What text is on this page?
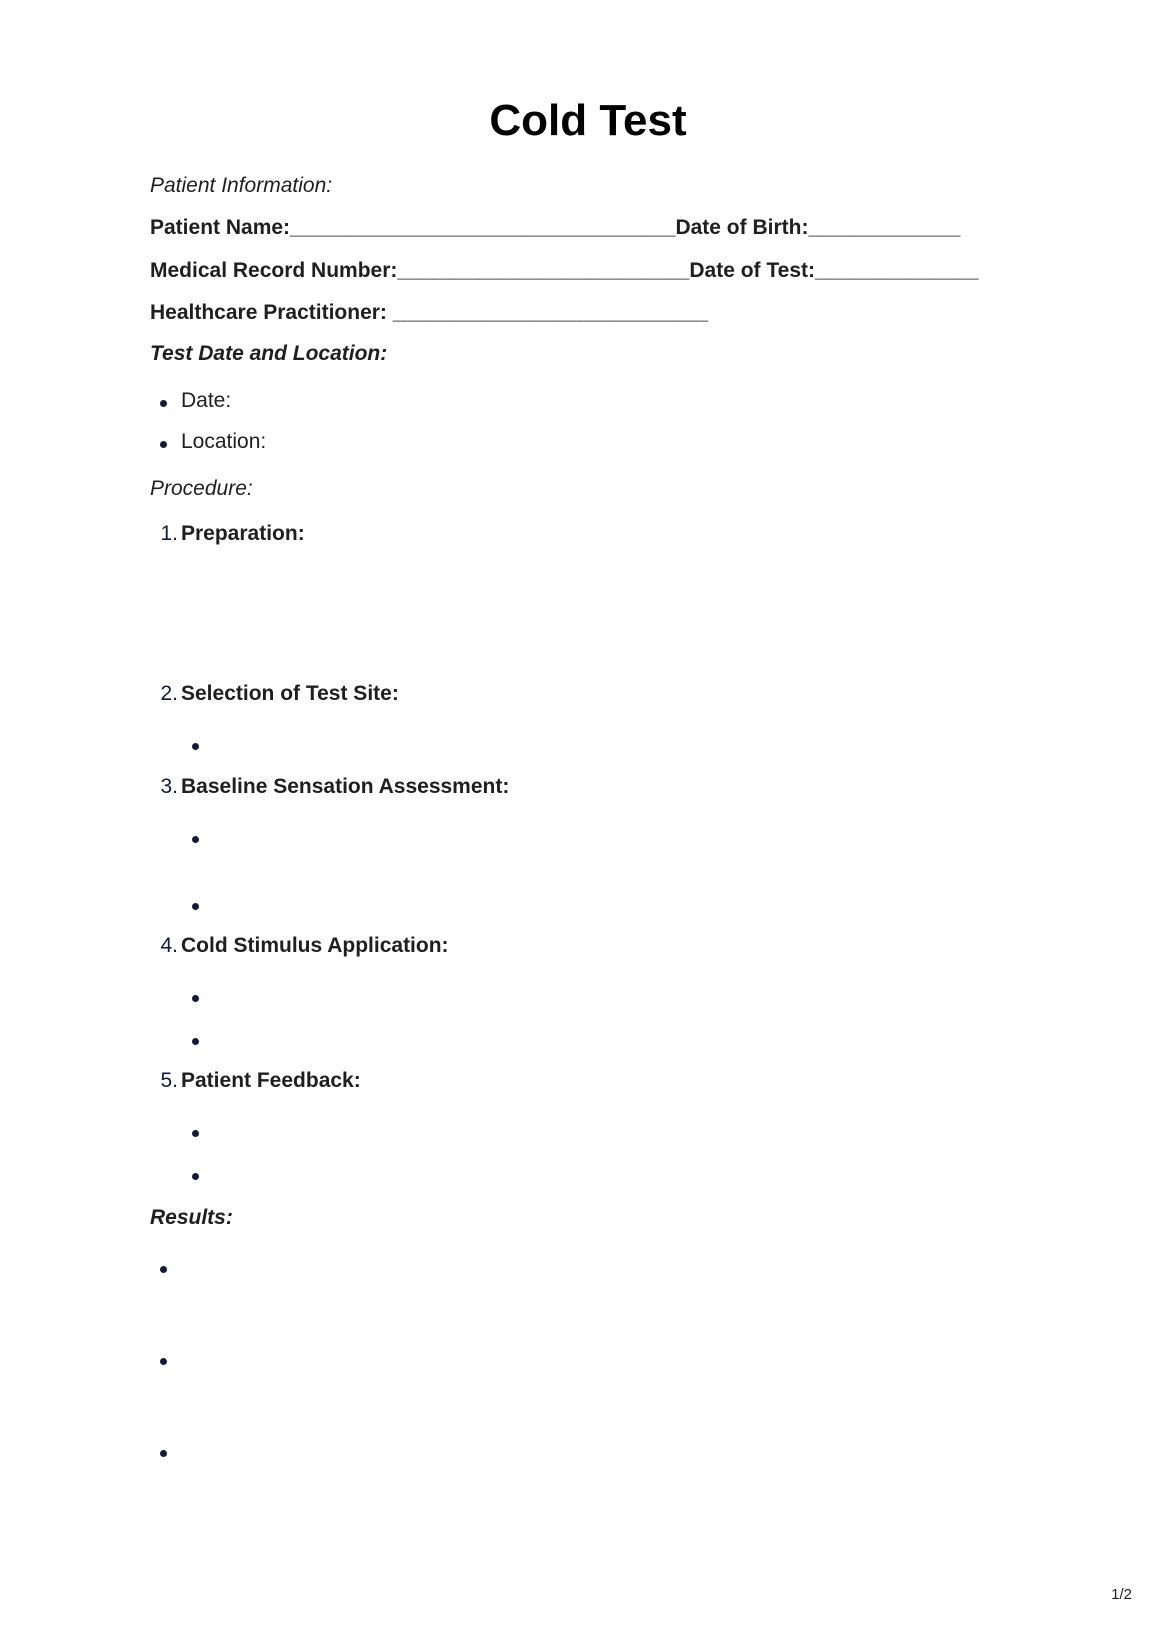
Cold Test
Patient Information:
Patient Name:_________________________________Date of Birth:_____________
Medical Record Number:_________________________Date of Test:______________
Healthcare Practitioner: ___________________________
Test Date and Location:
Date:
Location:
Procedure:
1. Preparation:
2. Selection of Test Site:
3. Baseline Sensation Assessment:
4. Cold Stimulus Application:
5. Patient Feedback:
Results:
1/2
